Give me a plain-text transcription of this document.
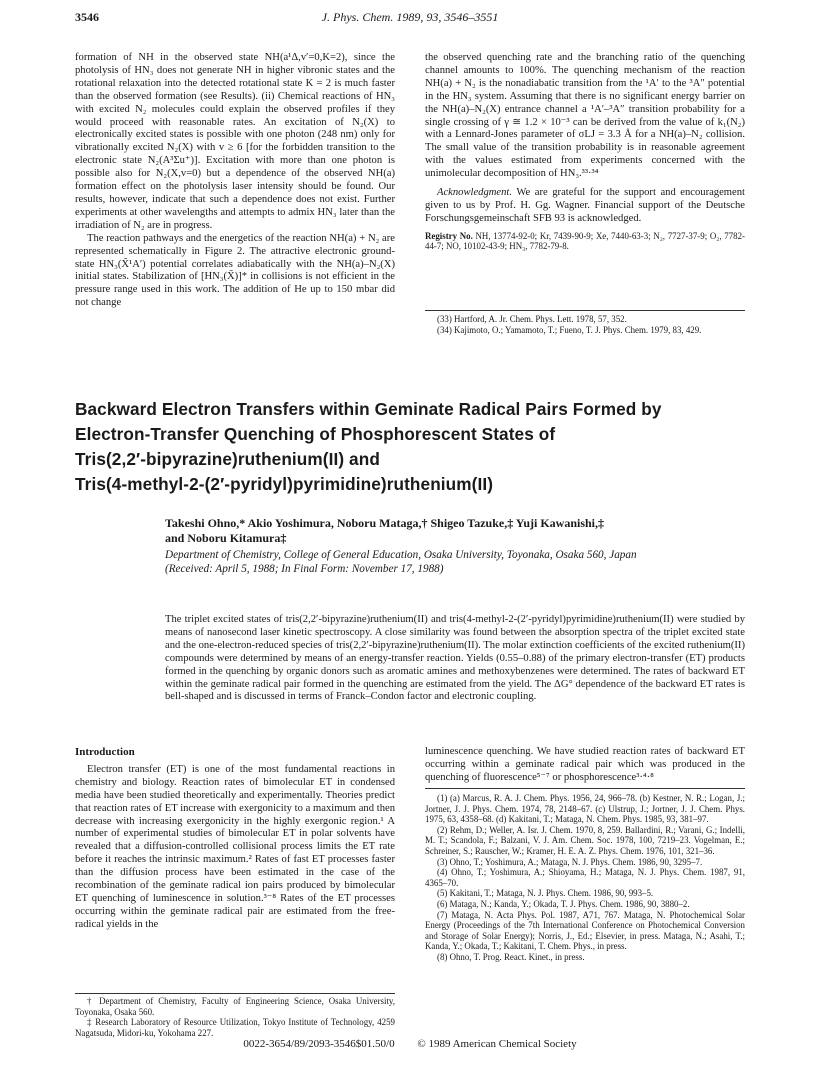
3546	J. Phys. Chem. 1989, 93, 3546–3551

formation of NH in the observed state NH(a¹Δ,v′=0,K=2), since the photolysis of HN₃ does not generate NH in higher vibronic states and the rotational relaxation into the detected rotational state K = 2 is much faster than the observed formation (see Results). (ii) Chemical reactions of HN₃ with excited N₂ molecules could explain the observed profiles if they would proceed with reasonable rates. An excitation of N₂(X) to electronically excited states is possible with one photon (248 nm) only for vibrationally excited N₂(X) with v ≥ 6 [for the forbidden transition to the electronic state N₂(A³Σu⁺)]. Excitation with more than one photon is possible also for N₂(X,v=0) but a dependence of the observed NH(a) formation effect on the photolysis laser intensity should be found. Our results, however, indicate that such a dependence does not exist. Further experiments at other wavelengths and attempts to admix HN₃ later than the irradiation of N₂ are in progress.

The reaction pathways and the energetics of the reaction NH(a) + N₂ are represented schematically in Figure 2. The attractive electronic ground-state HN₃(X̃¹A′) potential correlates adiabatically with the NH(a)–N₂(X) initial states. Stabilization of [HN₃(X̃)]* in collisions is not efficient in the pressure range used in this work. The addition of He up to 150 mbar did not change

the observed quenching rate and the branching ratio of the quenching channel amounts to 100%. The quenching mechanism of the reaction NH(a) + N₂ is the nonadiabatic transition from the ¹A′ to the ³A″ potential in the HN₃ system. Assuming that there is no significant energy barrier on the NH(a)–N₂(X) entrance channel a ¹A′–³A″ transition probability for a single crossing of γ ≅ 1.2 × 10⁻³ can be derived from the value of k₁(N₂) with a Lennard-Jones parameter of σLJ = 3.3 Å for a NH(a)–N₂ collision. The small value of the transition probability is in reasonable agreement with the values estimated from experiments concerned with the unimolecular decomposition of HN₃.³³·³⁴

Acknowledgment. We are grateful for the support and encouragement given to us by Prof. H. Gg. Wagner. Financial support of the Deutsche Forschungsgemeinschaft SFB 93 is acknowledged.

Registry No. NH, 13774-92-0; Kr, 7439-90-9; Xe, 7440-63-3; N₂, 7727-37-9; O₂, 7782-44-7; NO, 10102-43-9; HN₃, 7782-79-8.

(33) Hartford, A. Jr. Chem. Phys. Lett. 1978, 57, 352.

(34) Kajimoto, O.; Yamamoto, T.; Fueno, T. J. Phys. Chem. 1979, 83, 429.

Backward Electron Transfers within Geminate Radical Pairs Formed by
Electron-Transfer Quenching of Phosphorescent States of
Tris(2,2′-bipyrazine)ruthenium(II) and
Tris(4-methyl-2-(2′-pyridyl)pyrimidine)ruthenium(II)
Takeshi Ohno,* Akio Yoshimura, Noboru Mataga,† Shigeo Tazuke,‡ Yuji Kawanishi,‡
and Noboru Kitamura‡
Department of Chemistry, College of General Education, Osaka University, Toyonaka, Osaka 560, Japan
(Received: April 5, 1988; In Final Form: November 17, 1988)
The triplet excited states of tris(2,2′-bipyrazine)ruthenium(II) and tris(4-methyl-2-(2′-pyridyl)pyrimidine)ruthenium(II) were studied by means of nanosecond laser kinetic spectroscopy. A close similarity was found between the absorption spectra of the triplet excited state and the one-electron-reduced species of tris(2,2′-bipyrazine)ruthenium(II). The molar extinction coefficients of the excited ruthenium(II) compounds were determined by means of an energy-transfer reaction. Yields (0.55–0.88) of the primary electron-transfer (ET) products formed in the quenching by organic donors such as aromatic amines and methoxybenzenes were determined. The rates of backward ET within the geminate radical pair formed in the quenching are estimated from the yield. The ΔG° dependence of the backward ET rates is bell-shaped and is discussed in terms of Franck–Condon factor and electronic coupling.

Introduction

Electron transfer (ET) is one of the most fundamental reactions in chemistry and biology. Reaction rates of bimolecular ET in condensed media have been studied theoretically and experimentally. Theories predict that reaction rates of ET increase with exergonicity to a maximum and then decrease with increasing exergonicity in the highly exergonic region.¹ A number of experimental studies of bimolecular ET in polar solvents have revealed that a diffusion-controlled collisional process limits the ET rate before it reaches the intrinsic maximum.² Rates of fast ET processes faster than the diffusion process have been estimated in the case of the recombination of the geminate radical ion pairs produced by bimolecular ET quenching of luminescence in solution.³⁻⁸ Rates of the ET processes occurring within the geminate radical pair are estimated from the free-radical yields in the

† Department of Chemistry, Faculty of Engineering Science, Osaka University, Toyonaka, Osaka 560.

‡ Research Laboratory of Resource Utilization, Tokyo Institute of Technology, 4259 Nagatsuda, Midori-ku, Yokohama 227.

luminescence quenching. We have studied reaction rates of backward ET occurring within a geminate radical pair which was produced in the quenching of fluorescence⁵⁻⁷ or phosphorescence³·⁴·⁸

(1) (a) Marcus, R. A. J. Chem. Phys. 1956, 24, 966–78. (b) Kestner, N. R.; Logan, J.; Jortner, J. J. Phys. Chem. 1974, 78, 2148–67. (c) Ulstrup, J.; Jortner, J. J. Chem. Phys. 1975, 63, 4358–68. (d) Kakitani, T.; Mataga, N. Chem. Phys. 1985, 93, 381–97.

(2) Rehm, D.; Weller, A. Isr. J. Chem. 1970, 8, 259. Ballardini, R.; Varani, G.; Indelli, M. T.; Scandola, F.; Balzani, V. J. Am. Chem. Soc. 1978, 100, 7219–23. Vogelman, E.; Schreiner, S.; Rauscher, W.; Kramer, H. E. A. Z. Phys. Chem. 1976, 101, 321–36.

(3) Ohno, T.; Yoshimura, A.; Mataga, N. J. Phys. Chem. 1986, 90, 3295–7.

(4) Ohno, T.; Yoshimura, A.; Shioyama, H.; Mataga, N. J. Phys. Chem. 1987, 91, 4365–70.

(5) Kakitani, T.; Mataga, N. J. Phys. Chem. 1986, 90, 993–5.

(6) Mataga, N.; Kanda, Y.; Okada, T. J. Phys. Chem. 1986, 90, 3880–2.

(7) Mataga, N. Acta Phys. Pol. 1987, A71, 767. Mataga, N. Photochemical Solar Energy (Proceedings of the 7th International Conference on Photochemical Conversion and Storage of Solar Energy); Norris, J., Ed.; Elsevier, in press. Mataga, N.; Asahi, T.; Kanda, Y.; Okada, T.; Kakitani, T. Chem. Phys., in press.

(8) Ohno, T. Prog. React. Kinet., in press.

0022-3654/89/2093-3546$01.50/0 © 1989 American Chemical Society
